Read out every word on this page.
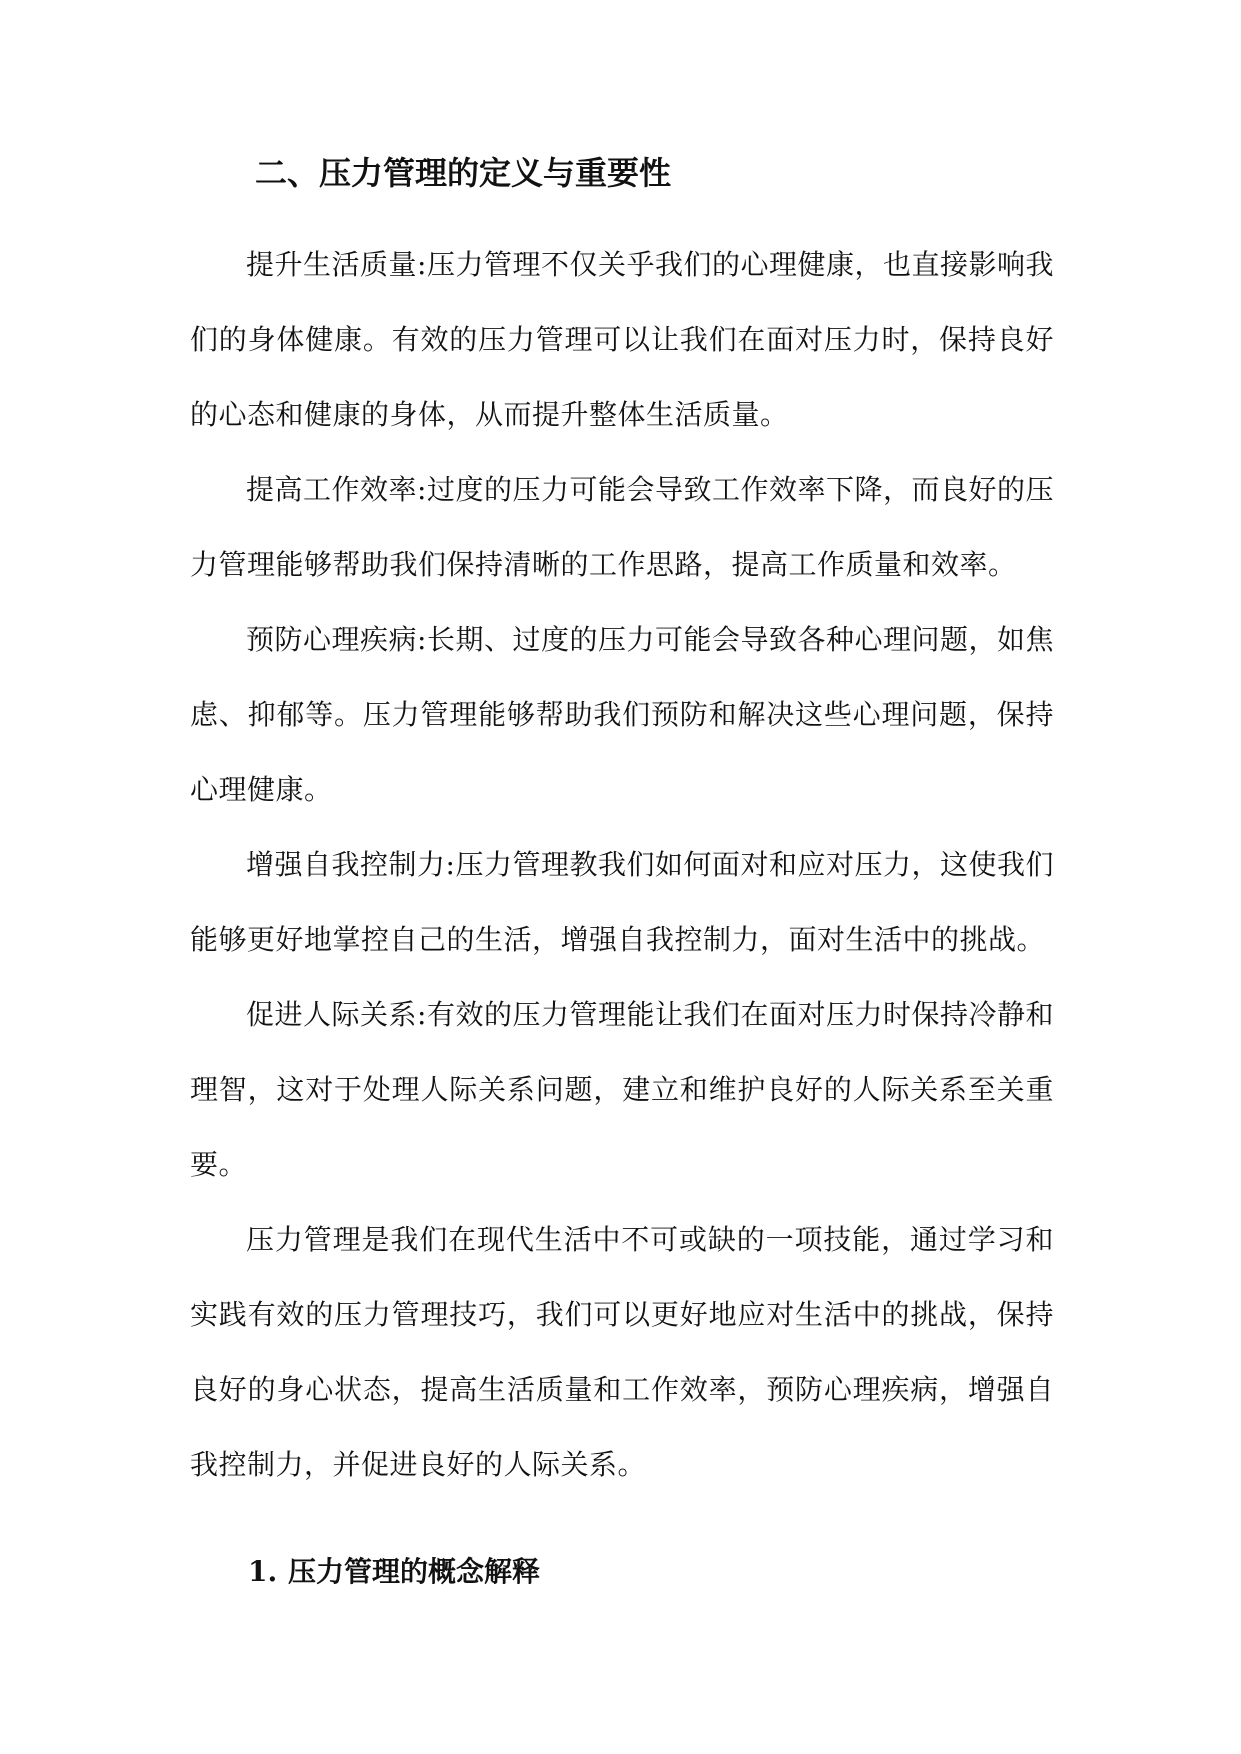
二、压力管理的定义与重要性

提升生活质量:压力管理不仅关乎我们的心理健康，也直接影响我们的身体健康。有效的压力管理可以让我们在面对压力时，保持良好的心态和健康的身体，从而提升整体生活质量。

提高工作效率:过度的压力可能会导致工作效率下降，而良好的压力管理能够帮助我们保持清晰的工作思路，提高工作质量和效率。

预防心理疾病:长期、过度的压力可能会导致各种心理问题，如焦虑、抑郁等。压力管理能够帮助我们预防和解决这些心理问题，保持心理健康。

增强自我控制力:压力管理教我们如何面对和应对压力，这使我们能够更好地掌控自己的生活，增强自我控制力，面对生活中的挑战。

促进人际关系:有效的压力管理能让我们在面对压力时保持冷静和理智，这对于处理人际关系问题，建立和维护良好的人际关系至关重要。

压力管理是我们在现代生活中不可或缺的一项技能，通过学习和实践有效的压力管理技巧，我们可以更好地应对生活中的挑战，保持良好的身心状态，提高生活质量和工作效率，预防心理疾病，增强自我控制力，并促进良好的人际关系。

1. 压力管理的概念解释
